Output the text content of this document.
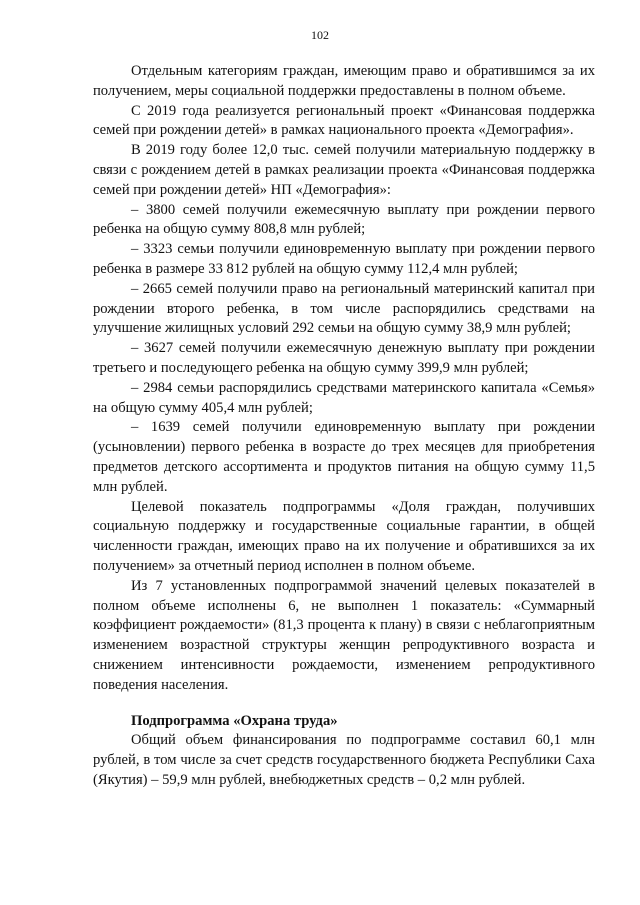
102

Отдельным категориям граждан, имеющим право и обратившимся за их получением, меры социальной поддержки предоставлены в полном объеме.

С 2019 года реализуется региональный проект «Финансовая поддержка семей при рождении детей» в рамках национального проекта «Демография».

В 2019 году более 12,0 тыс. семей получили материальную поддержку в связи с рождением детей в рамках реализации проекта «Финансовая поддержка семей при рождении детей» НП «Демография»:

– 3800 семей получили ежемесячную выплату при рождении первого ребенка на общую сумму 808,8 млн рублей;

– 3323 семьи получили единовременную выплату при рождении первого ребенка в размере 33 812 рублей на общую сумму 112,4 млн рублей;

– 2665 семей получили право на региональный материнский капитал при рождении второго ребенка, в том числе распорядились средствами на улучшение жилищных условий 292 семьи на общую сумму 38,9 млн рублей;

– 3627 семей получили ежемесячную денежную выплату при рождении третьего и последующего ребенка на общую сумму 399,9 млн рублей;

– 2984 семьи распорядились средствами материнского капитала «Семья» на общую сумму 405,4 млн рублей;

– 1639 семей получили единовременную выплату при рождении (усыновлении) первого ребенка в возрасте до трех месяцев для приобретения предметов детского ассортимента и продуктов питания на общую сумму 11,5 млн рублей.

Целевой показатель подпрограммы «Доля граждан, получивших социальную поддержку и государственные социальные гарантии, в общей численности граждан, имеющих право на их получение и обратившихся за их получением» за отчетный период исполнен в полном объеме.

Из 7 установленных подпрограммой значений целевых показателей в полном объеме исполнены 6, не выполнен 1 показатель: «Суммарный коэффициент рождаемости» (81,3 процента к плану) в связи с неблагоприятным изменением возрастной структуры женщин репродуктивного возраста и снижением интенсивности рождаемости, изменением репродуктивного поведения населения.

Подпрограмма «Охрана труда»

Общий объем финансирования по подпрограмме составил 60,1 млн рублей, в том числе за счет средств государственного бюджета Республики Саха (Якутия) – 59,9 млн рублей, внебюджетных средств – 0,2 млн рублей.
